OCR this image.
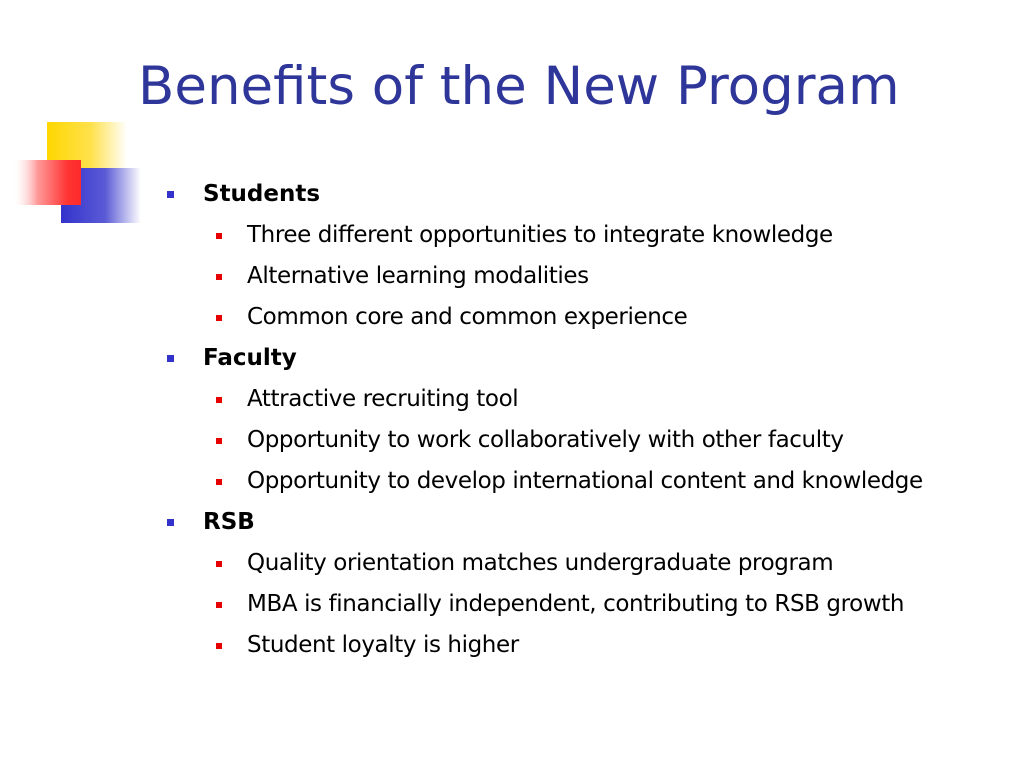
Benefits of the New Program
Students
Three different opportunities to integrate knowledge
Alternative learning modalities
Common core and common experience
Faculty
Attractive recruiting tool
Opportunity to work collaboratively with other faculty
Opportunity to develop international content and knowledge
RSB
Quality orientation matches undergraduate program
MBA is financially independent, contributing to RSB growth
Student loyalty is higher
